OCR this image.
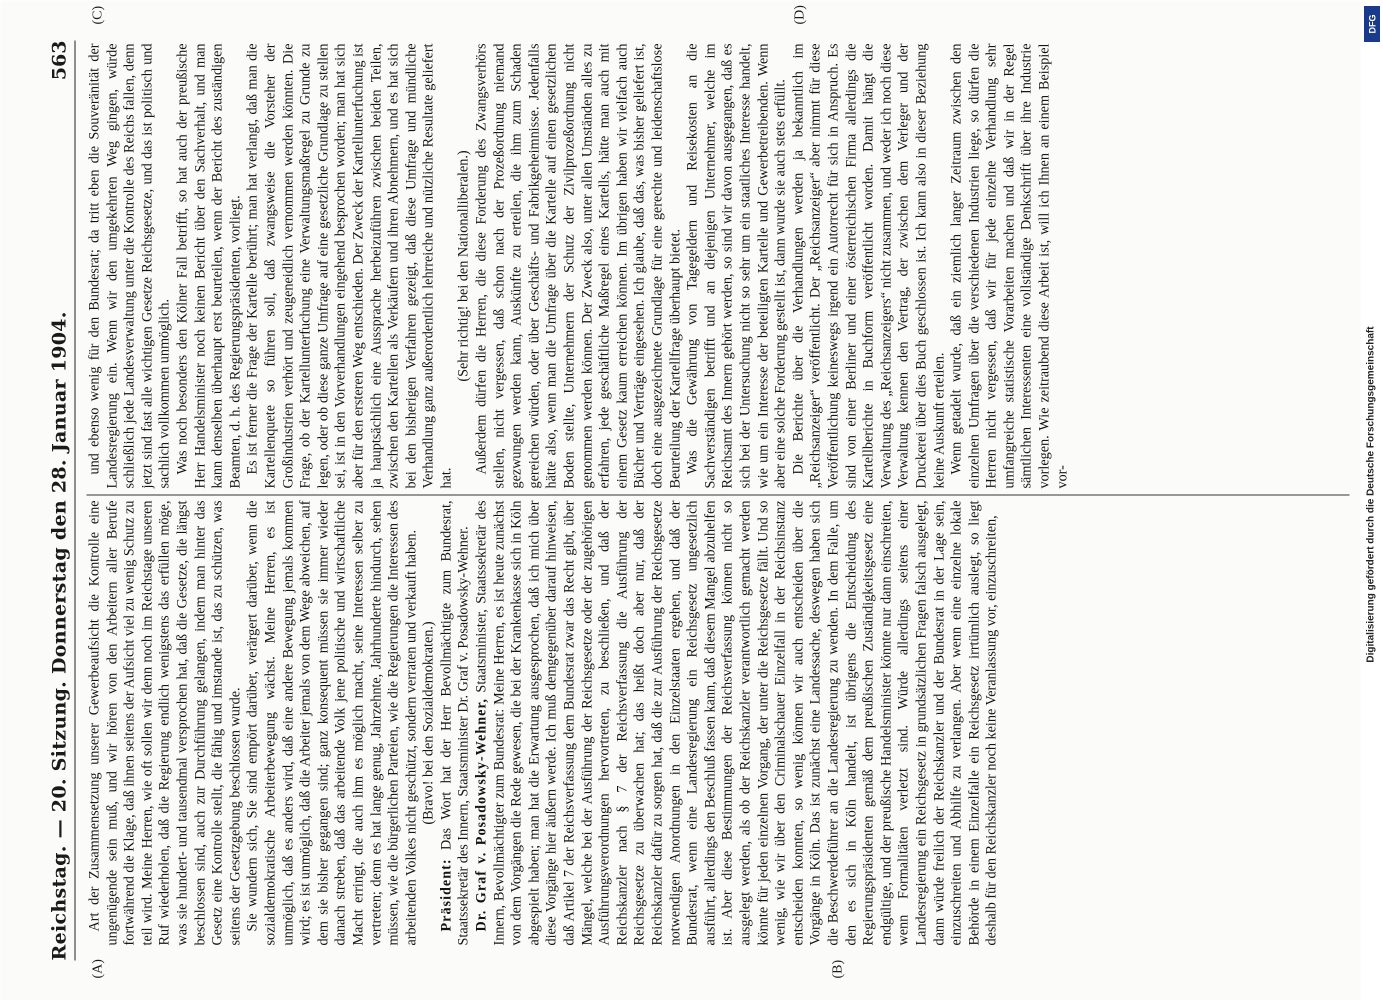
Reichstag. — 20. Sitzung. Donnerstag den 28. Januar 1904.
563
(A)	(B)
(C)	(D)

Art der Zusammensetzung unserer Gewerbeaufsicht die Kontrolle eine ungenügende sein muß, und wir hören von den Arbeitern aller Berufe fortwährend die Klage, daß ihnen seitens der Aufsicht viel zu wenig Schutz zu teil wird. Meine Herren, wie oft sollen wir denn noch im Reichstage unseren Ruf wiederholen, daß die Regierung endlich wenigstens das erfüllen möge, was sie hundert- und tausendmal versprochen hat, daß die Gesetze, die längst beschlossen sind, auch zur Durchführung gelangen, indem man hinter das Gesetz eine Kontrolle stellt, die fähig und imstande ist, das zu schützen, was seitens der Gesetzgebung beschlossen wurde. Sie wundern sich, Sie sind empört darüber, verärgert darüber, wenn die sozialdemokratische Arbeiterbewegung wächst. Meine Herren, es ist unmöglich, daß es anders wird, daß eine andere Bewegung jemals kommen wird; es ist unmöglich, daß die Arbeiter jemals von dem Wege abweichen, auf dem sie bisher gegangen sind; ganz konsequent müssen sie immer wieder danach streben, daß das arbeitende Volk jene politische und wirtschaftliche Macht erringt, die auch ihm es möglich macht, seine Interessen selber zu vertreten; denn es hat lange genug, Jahrzehnte, Jahrhunderte hindurch, sehen müssen, wie die bürgerlichen Parteien, wie die Regierungen die Interessen des arbeitenden Volkes nicht geschützt, sondern verraten und verkauft haben. (Bravo! bei den Sozialdemokraten.)

Präsident: Das Wort hat der Herr Bevollmächtigte zum Bundesrat, Staatssekretär des Innern, Staatsminister Dr. Graf v. Posadowsky-Wehner. Dr. Graf v. Posadowsky-Wehner, Staatsminister, Staatssekretär des Innern, Bevollmächtigter zum Bundesrat: Meine Herren, es ist heute zunächst von dem Vorgängen die Rede gewesen, die bei der Krankenkasse sich in Köln abgespielt haben; man hat die Erwartung ausgesprochen, daß ich mich über diese Vorgänge hier äußern werde. Ich muß demgegenüber darauf hinweisen, daß Artikel 7 der Reichsverfassung dem Bundesrat zwar das Recht gibt, über Mängel, welche bei der Ausführung der Reichsgesetze oder der zugehörigen Ausführungsverordnungen hervortreten, zu beschließen, und daß der Reichskanzler nach § 7 der Reichsverfassung die Ausführung der Reichsgesetze zu überwachen hat; das heißt doch aber nur, daß der Reichskanzler dafür zu sorgen hat, daß die zur Ausführung der Reichsgesetze notwendigen Anordnungen in den Einzelstaaten ergehen, und daß der Bundesrat, wenn eine Landesregierung ein Reichsgesetz ungesetzlich ausführt, allerdings den Beschluß fassen kann, daß diesem Mangel abzuhelfen ist. Aber diese Bestimmungen der Reichsverfassung können nicht so ausgelegt werden, als ob der Reichskanzler verantwortlich gemacht werden könnte für jeden einzelnen Vorgang, der unter die Reichsgesetze fällt. Und so wenig, wie wir über den Criminalschauer Einzelfall in der Reichsinstanz entscheiden konnten, so wenig können wir auch entscheiden über die Vorgänge in Köln. Das ist zunächst eine Landessache, deswegen haben sich die Beschwerdeführer an die Landesregierung zu wenden. In dem Falle, um den es sich in Köln handelt, ist übrigens die Entscheidung des Regierungspräsidenten gemäß dem preußischen Zuständigkeitsgesetz eine endgültige, und der preußische Handelsminister könnte nur dann einschreiten, wenn Formalitäten verletzt sind. Würde allerdings seitens einer Landesregierung ein Reichsgesetz in grundsätzlichen Fragen falsch ausgelegt, dann würde freilich der Reichskanzler und der Bundesrat in der Lage sein, einzuschreiten und Abhilfe zu verlangen. Aber wenn eine einzelne lokale Behörde in einem Einzelfalle ein Reichsgesetz irrtümlich auslegt, so liegt deshalb für den Reichskanzler noch keine Veranlassung vor, einzuschreiten,

und ebenso wenig für den Bundesrat; da tritt eben die Souveränität der Landesregierung ein. Wenn wir den umgekehrten Weg gingen, würde schließlich jede Landesverwaltung unter die Kontrolle des Reichs fallen, denn jetzt sind fast alle wichtigen Gesetze Reichsgesetze, und das ist politisch und sachlich vollkommen unmöglich. Was noch besonders den Kölner Fall betrifft, so hat auch der preußische Herr Handelsminister noch keinen Bericht über den Sachverhalt, und man kann denselben überhaupt erst beurteilen, wenn der Bericht des zuständigen Beamten, d. h. des Regierungspräsidenten, vorliegt. Es ist ferner die Frage der Kartelle berührt; man hat verlangt, daß man die Kartellenquete so führen soll, daß zwangsweise die Vorsteher der Großindustrien verhört und zeugeneidlich vernommen werden könnten. Die Frage, ob der Kartellunterfuchung eine Verwaltungsmaßregel zu Grunde zu legen, oder ob diese ganze Umfrage auf eine gesetzliche Grundlage zu stellen sei, ist in den Vorverhandlungen eingehend besprochen worden; man hat sich aber für den ersteren Weg entschieden. Der Zweck der Kartellunterfuchung ist ja hauptsächlich eine Aussprache herbeizuführen zwischen beiden Teilen, zwischen den Kartellen als Verkäufern und ihren Abnehmern, und es hat sich bei den bisherigen Verfahren gezeigt, daß diese Umfrage und mündliche Verhandlung ganz außerordentlich lehrreiche und nützliche Resultate geliefert hat.

(Sehr richtig! bei den Nationalliberalen.) Außerdem dürfen die Herren, die diese Forderung des Zwangsverhörs stellen, nicht vergessen, daß schon nach der Prozeßordnung niemand gezwungen werden kann, Auskünfte zu erteilen, die ihm zum Schaden gereichen würden, oder über Geschäfts- und Fabrikgeheimnisse. Jedenfalls hätte also, wenn man die Umfrage über die Kartelle auf einen gesetzlichen Boden stellte, Unternehmern der Schutz der Zivilprozeßordnung nicht genommen werden können. Der Zweck also, unter allen Umständen alles zu erfahren, jede geschäftliche Maßregel eines Kartells, hätte man auch mit einem Gesetz kaum erreichen können. Im übrigen haben wir vielfach auch Bücher und Verträge eingesehen. Ich glaube, daß das, was bisher geliefert ist, doch eine ausgezeichnete Grundlage für eine gerechte und leidenschaftslose Beurteilung der Kartellfrage überhaupt bietet. Was die Gewährung von Tagegeldern und Reisekosten an die Sachverständigen betrifft und an diejenigen Unternehmer, welche im Reichsamt des Innern gehört werden, so sind wir davon ausgegangen, daß es sich bei der Untersuchung nicht so sehr um ein staatliches Interesse handelt, wie um ein Interesse der beteiligten Kartelle und Gewerbetreibenden. Wenn aber eine solche Forderung gestellt ist, dann wurde sie auch stets erfüllt. Die Berichte über die Verhandlungen werden ja bekanntlich im „Reichsanzeiger“ veröffentlicht. Der „Reichsanzeiger“ aber nimmt für diese Veröffentlichung keineswegs irgend ein Autorrecht für sich in Anspruch. Es sind von einer Berliner und einer österreichischen Firma allerdings die Kartellberichte in Buchform veröffentlicht worden. Damit hängt die Verwaltung des „Reichsanzeigers“ nicht zusammen, und weder ich noch diese Verwaltung kennen den Vertrag, der zwischen dem Verleger und der Druckerei über dies Buch geschlossen ist. Ich kann also in dieser Beziehung keine Auskunft erteilen. Wenn getadelt wurde, daß ein ziemlich langer Zeitraum zwischen den einzelnen Umfragen über die verschiedenen Industrien liege, so dürfen die Herren nicht vergessen, daß wir für jede einzelne Verhandlung sehr umfangreiche statistische Vorarbeiten machen und daß wir in der Regel sämtlichen Interessenten eine vollständige Denkschrift über ihre Industrie vorlegen. Wie zeitraubend diese Arbeit ist, will ich Ihnen an einem Beispiel vor-	Digitalisierung gefördert durch die Deutsche Forschungsgemeinschaft
DFG
